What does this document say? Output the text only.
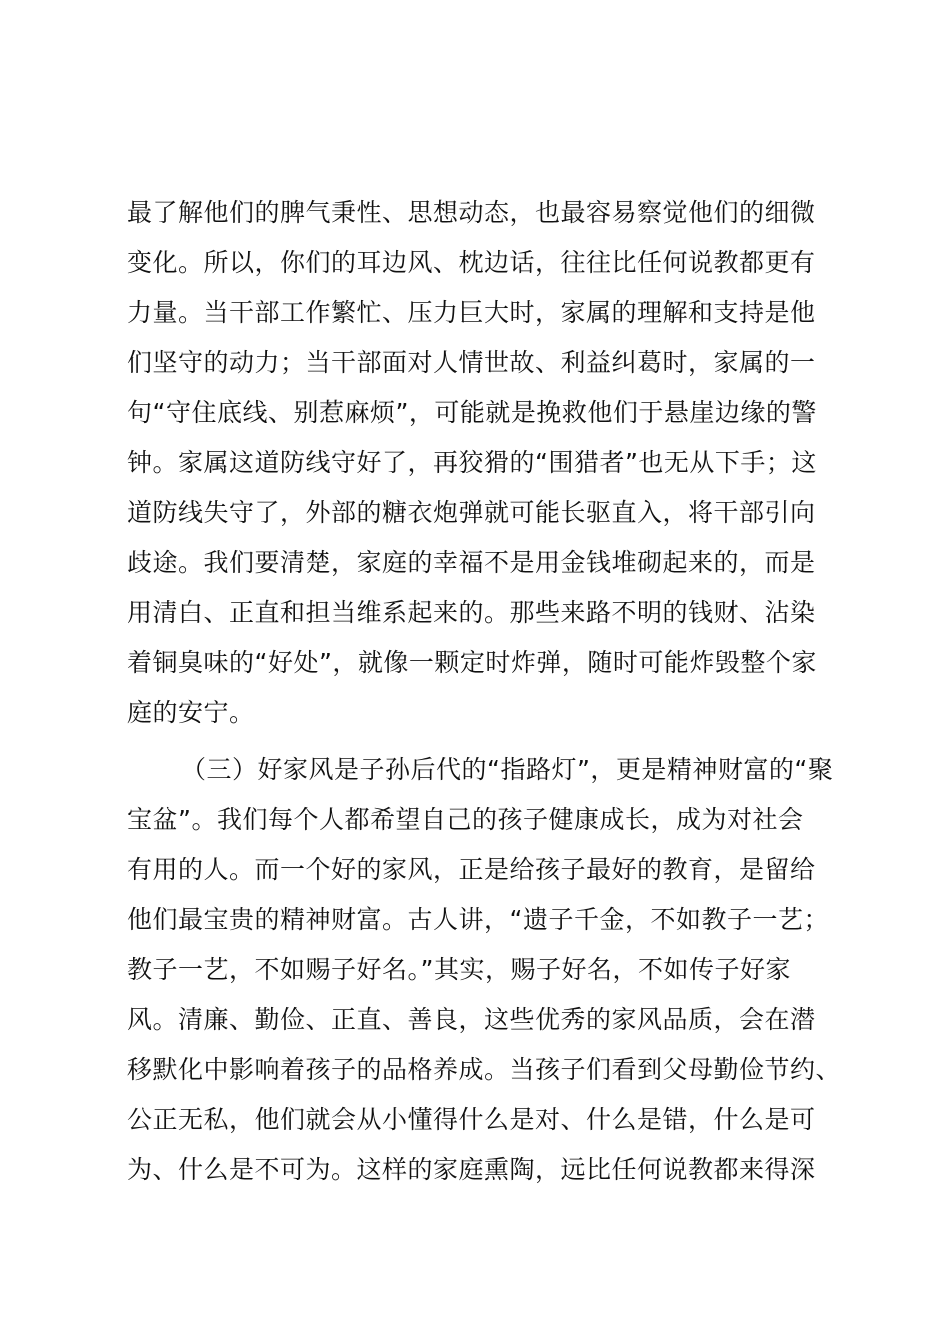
最了解他们的脾气秉性、思想动态，也最容易察觉他们的细微
变化。所以，你们的耳边风、枕边话，往往比任何说教都更有
力量。当干部工作繁忙、压力巨大时，家属的理解和支持是他
们坚守的动力；当干部面对人情世故、利益纠葛时，家属的一
句“守住底线、别惹麻烦”，可能就是挽救他们于悬崖边缘的警
钟。家属这道防线守好了，再狡猾的“围猎者”也无从下手；这
道防线失守了，外部的糖衣炮弹就可能长驱直入，将干部引向
歧途。我们要清楚，家庭的幸福不是用金钱堆砌起来的，而是
用清白、正直和担当维系起来的。那些来路不明的钱财、沾染
着铜臭味的“好处”，就像一颗定时炸弹，随时可能炸毁整个家
庭的安宁。
（三）好家风是子孙后代的“指路灯”，更是精神财富的“聚
宝盆”。我们每个人都希望自己的孩子健康成长，成为对社会
有用的人。而一个好的家风，正是给孩子最好的教育，是留给
他们最宝贵的精神财富。古人讲，“遗子千金，不如教子一艺；
教子一艺，不如赐子好名。”其实，赐子好名，不如传子好家
风。清廉、勤俭、正直、善良，这些优秀的家风品质，会在潜
移默化中影响着孩子的品格养成。当孩子们看到父母勤俭节约、
公正无私，他们就会从小懂得什么是对、什么是错，什么是可
为、什么是不可为。这样的家庭熏陶，远比任何说教都来得深
